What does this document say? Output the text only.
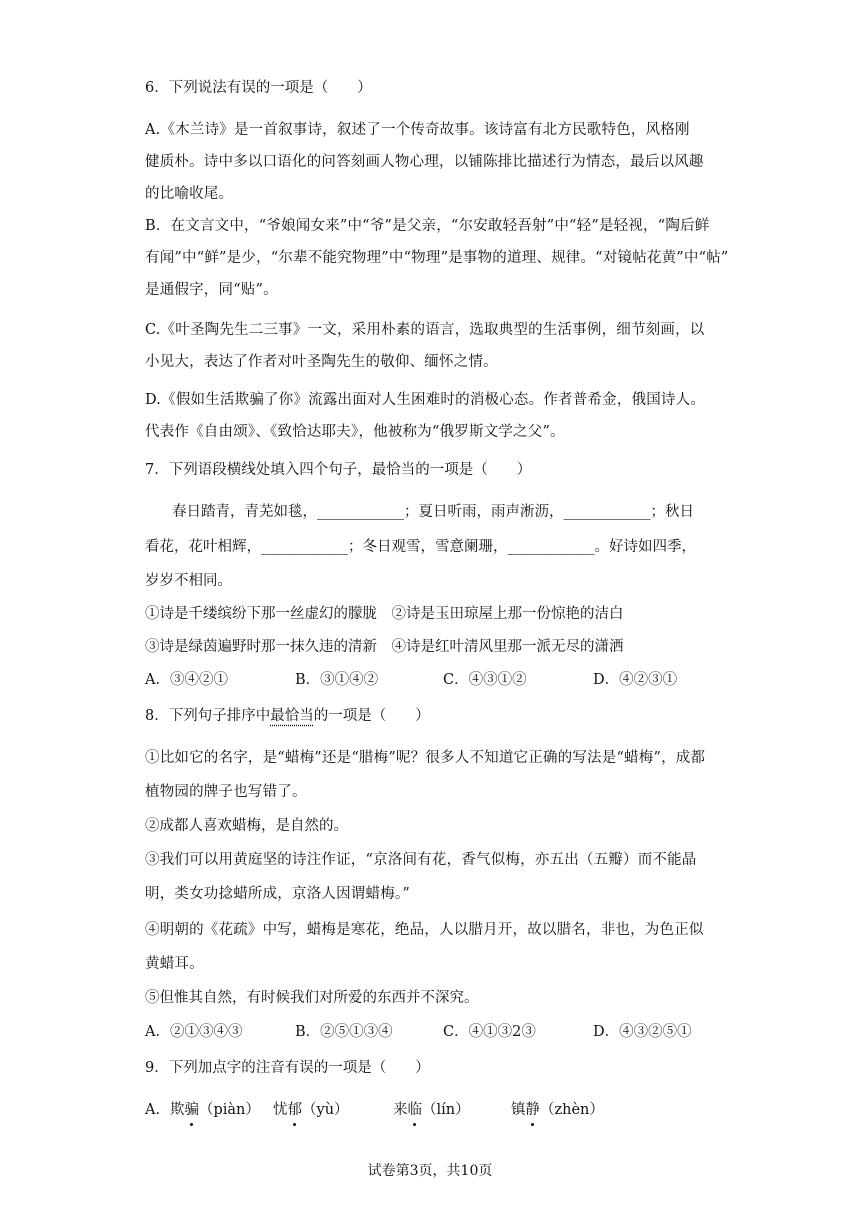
6．下列说法有误的一项是（　　）
A.《木兰诗》是一首叙事诗，叙述了一个传奇故事。该诗富有北方民歌特色，风格刚
健质朴。诗中多以口语化的问答刻画人物心理，以铺陈排比描述行为情态，最后以风趣
的比喻收尾。
B．在文言文中，“爷娘闻女来”中“爷”是父亲，“尔安敢轻吾射”中“轻”是轻视，“陶后鲜
有闻”中“鲜”是少，“尔辈不能究物理”中“物理”是事物的道理、规律。“对镜帖花黄”中“帖”
是通假字，同“贴”。
C.《叶圣陶先生二三事》一文，采用朴素的语言，选取典型的生活事例，细节刻画，以
小见大，表达了作者对叶圣陶先生的敬仰、缅怀之情。
D.《假如生活欺骗了你》流露出面对人生困难时的消极心态。作者普希金，俄国诗人。
代表作《自由颂》、《致恰达耶夫》，他被称为“俄罗斯文学之父”。
7．下列语段横线处填入四个句子，最恰当的一项是（　　）
春日踏青，青芜如毯，____________；夏日听雨，雨声淅沥，____________；秋日
看花，花叶相辉，____________；冬日观雪，雪意阑珊，____________。好诗如四季，
岁岁不相同。
①诗是千缕缤纷下那一丝虚幻的朦胧　②诗是玉田琼屋上那一份惊艳的洁白
③诗是绿茵遍野时那一抹久违的清新　④诗是红叶清风里那一派无尽的潇洒
A．③④②①	B．③①④②	C．④③①②	D．④②③①
8．下列句子排序中最恰当的一项是（　　）
①比如它的名字，是“蜡梅”还是“腊梅”呢？很多人不知道它正确的写法是“蜡梅”，成都
植物园的牌子也写错了。
②成都人喜欢蜡梅，是自然的。
③我们可以用黄庭坚的诗注作证，“京洛间有花，香气似梅，亦五出（五瓣）而不能晶
明，类女功捻蜡所成，京洛人因谓蜡梅。”
④明朝的《花疏》中写，蜡梅是寒花，绝品，人以腊月开，故以腊名，非也，为色正似
黄蜡耳。
⑤但惟其自然，有时候我们对所爱的东西并不深究。
A．②①③④③	B．②⑤①③④	C．④①③2③	D．④③②⑤①
9．下列加点字的注音有误的一项是（　　）
A．欺骗（piàn） 忧郁（yù）	来临（lín）	镇静（zhèn）
试卷第3页，共10页
